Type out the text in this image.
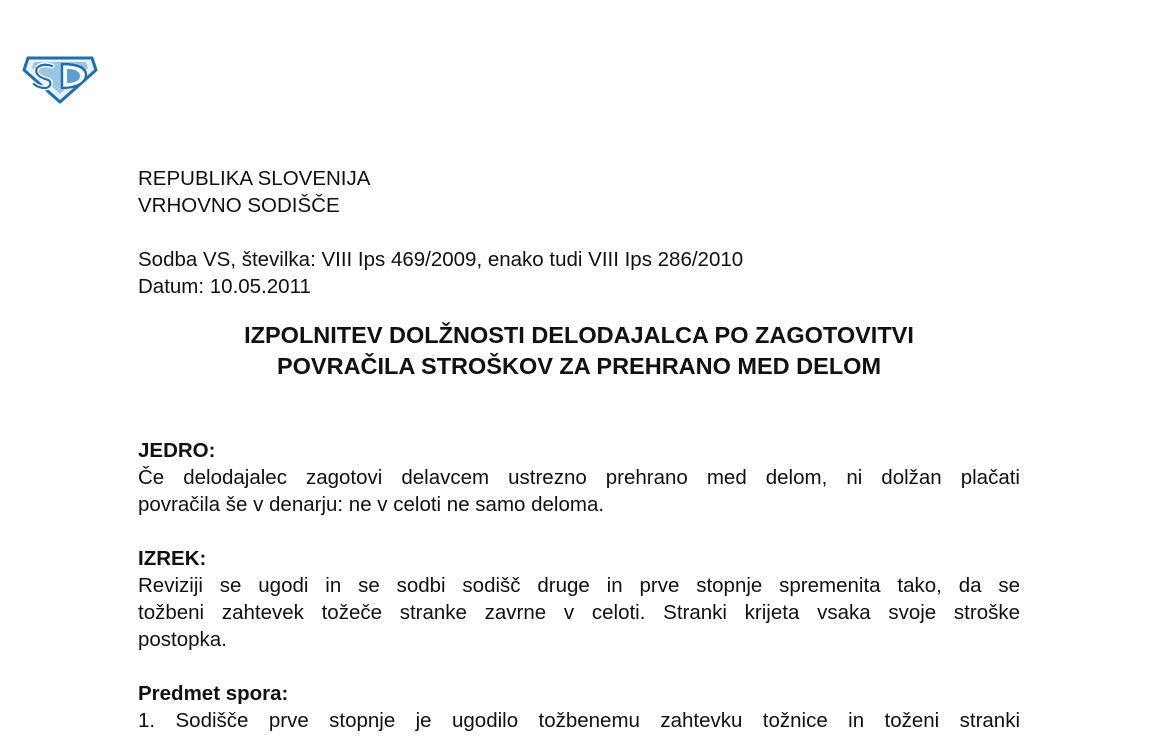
REPUBLIKA SLOVENIJA
VRHOVNO SODIŠČE
Sodba VS, številka: VIII Ips 469/2009, enako tudi VIII Ips 286/2010
Datum: 10.05.2011
IZPOLNITEV DOLŽNOSTI DELODAJALCA PO ZAGOTOVITVI
POVRAČILA STROŠKOV ZA PREHRANO MED DELOM
JEDRO:
Če delodajalec zagotovi delavcem ustrezno prehrano med delom, ni dolžan plačati
povračila še v denarju: ne v celoti ne samo deloma.
IZREK:
Reviziji se ugodi in se sodbi sodišč druge in prve stopnje spremenita tako, da se
tožbeni zahtevek tožeče stranke zavrne v celoti. Stranki krijeta vsaka svoje stroške
postopka.
Predmet spora:
1. Sodišče prve stopnje je ugodilo tožbenemu zahtevku tožnice in toženi stranki
